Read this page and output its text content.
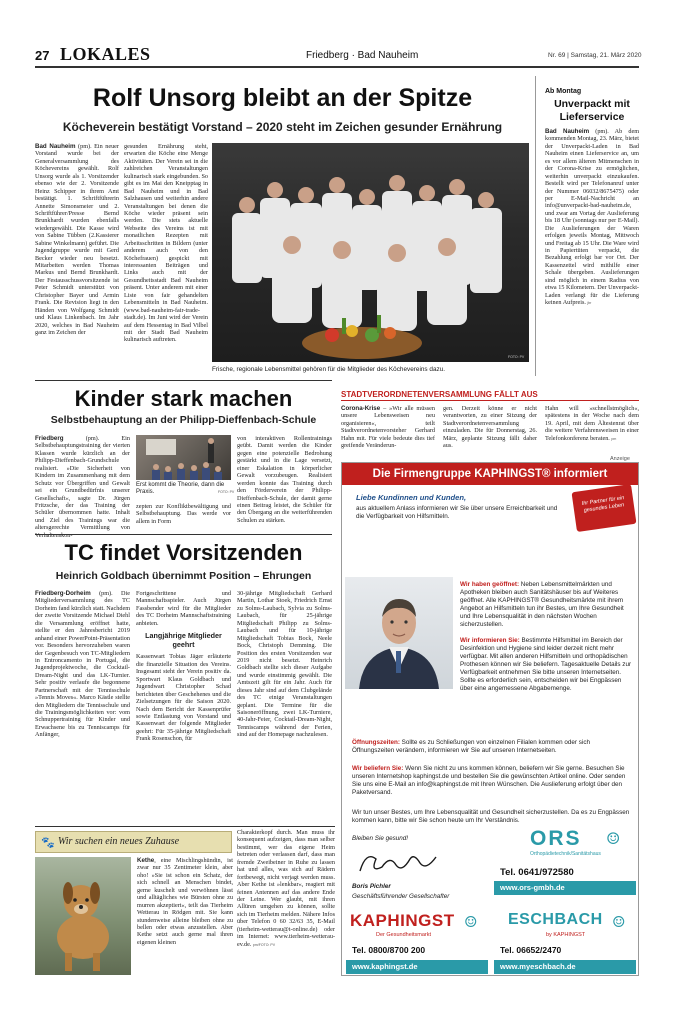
27 LOKALES	Friedberg · Bad Nauheim	Nr. 69 | Samstag, 21. März 2020
Rolf Unsorg bleibt an der Spitze
Köcheverein bestätigt Vorstand – 2020 steht im Zeichen gesunder Ernährung
Bad Nauheim (pm). Ein neuer Vorstand wurde bei der Generalversammlung des Köchevereins gewählt. Rolf Unsorg wurde als 1. Vorsitzender ebenso wie der 2. Vorsitzende Heinz Schipper in ihrem Amt bestätigt. 1. Schriftführerin Annette Simonsmeier und 2. Schriftführer/Presse Bernd Brunkhardt wurden ebenfalls wiedergewählt. Die Kasse wird von Sabine Tübben (2.Kassierer Sabine Winkelmann) geführt. Die Jugendgruppe wurde mit Gerd Becker wieder neu besetzt. Mitarbeiten werden Thomas Markus und Bernd Brunkhardt. Der Festausschussvorsitzende ist Peter Schmidt unterstützt von Christopher Bayer und Armin Frank. Die Revision liegt in den Händen von Wolfgang Schmidt und Klaus Linkenbach. Im Jahr 2020, welches in Bad Nauheim ganz im Zeichen der
gesunden Ernährung steht, erwarten die Köche eine Menge Aktivitäten. Der Verein sei in die zahlreichen Veranstaltungen kulinarisch stark eingebunden. So gibt es im Mai den Kneipptag in Bad Nauheim und in Bad Salzhausen und weiterhin andere Veranstaltungen bei denen die Köche wieder präsent sein werden. Die stets aktuelle Webseite des Vereins ist mit monatlichen Rezepten mit Arbeitsschritten in Bildern (unter anderem auch von den Köchefrauen) gespickt mit interessanten Beiträgen und Links auch mit der Gesundheitsstadt Bad Nauheim präsent. Unter anderem mit einer Liste von fair gehandelten Lebensmitteln in Bad Nauheim.(www.bad-nauheim-fair-trade-stadt.de). Im Juni wird der Verein auf dem Hessentag in Bad Vilbel mit der Stadt Bad Nauheim kulinarisch auftreten.
FOTO: PV
Frische, regionale Lebensmittel gehören für die Mitglieder des Köchevereins dazu.
Ab Montag
Unverpackt mit Lieferservice
Bad Nauheim (pm). Ab dem kommenden Montag, 23. März, bietet der Unverpackt-Laden in Bad Nauheim einen Lieferservice an, um es vor allem älteren Mitmenschen in der Corona-Krise zu ermöglichen, weiterhin unverpackt einzukaufen. Bestellt wird per Telefonanruf unter der Nummer 06032/8675475) oder per E-Mail-Nachricht an info@unverpackt-bad-nauheim.de, und zwar am Vortag der Auslieferung bis 18 Uhr (sonntags nur per E-Mail). Die Auslieferungen der Waren erfolgen jeweils Montag, Mittwoch und Freitag ab 15 Uhr. Die Ware wird in Papiertüten verpackt, die Bezahlung erfolgt bar vor Ort. Der Kassenzettel wird mithilfe einer Schale übergeben. Auslieferungen sind möglich in einem Radius von etwa 15 Kilometern. Der Unverpackt-Laden verlangt für die Lieferung keinen Aufpreis. jbr
Kinder stark machen
Selbstbehauptung an der Philipp-Dieffenbach-Schule
Friedberg	(pm). Ein Selbstbehauptungstraining der vierten Klassen wurde kürzlich an der Philipp-Dieffenbach-Grundschule realisiert. »Die Sicherheit von Kindern im Zusammenhang mit dem Schutz vor Übergriffen und Gewalt sei ein Grundbedürfnis unserer Gesellschaft«, sagte Dr. Jürgen Fritzsche, der das Training der Schüler übernommen hatte. Inhalt und Ziel des Trainings war die altersgerechte Vermittlung von Verhaltenskon-
Erst kommt die Theorie, dann die Praxis.	FOTO: PV
zepten zur Konfliktbewältigung und Selbstbehauptung. Das werde vor allem in Form
von interaktiven Rollentrainings geübt. Damit werden die Kinder gegen eine potenzielle Bedrohung gestärkt und in die Lage versetzt, einer Eskalation in körperlicher Gewalt vorzubeugen. Realisiert werden konnte das Training durch den Förderverein der Philipp-Dieffenbach-Schule, der damit gerne einen Beitrag leistet, die Schüler für den Übergang an die weiterführenden Schulen zu stärken.
STADTVERORDNETENVERSAMMLUNG FÄLLT AUS
Corona-Krise – »Wir alle müssen unsere Lebensweisen neu organisieren«, teilt Stadtverordnetenvorsteher Gerhard Hahn mit. Für viele bedeute dies tief greifende Veränderun-
gen. Derzeit könne er nicht verantworten, zu einer Sitzung der Stadtverordnetenversammlung einzuladen. Die für Donnerstag, 26. März, geplante Sitzung fällt daher aus.
Hahn will »schnellstmöglich«, spätestens in der Woche nach dem 19. April, mit dem Ältestenrat über die weitere Verfahrensweisen in einer Telefonkonferenz beraten. pm
TC findet Vorsitzenden
Heinrich Goldbach übernimmt Position – Ehrungen
Friedberg-Dorheim (pm). Die Mitgliederversammlung des TC Dorheim fand kürzlich statt. Nachdem der zweite Vorsitzende Michael Diehl die Versammlung eröffnet hatte, stellte er den Jahresbericht 2019 anhand einer PowerPoint-Präsentation vor. Besonders hervorzuheben waren der Gegenbesuch von TC-Mitgliedern in Entroncamento in Portugal, die Jugendprojektwoche, die Cocktail-Dream-Night und das LK-Turnier. Sehr positiv verlaufe die begonnene Partnerschaft mit der Tennisschule »Tennis Moves«. Marco Kästle stellte den Mitgliedern die Tennisschule und die Trainingsmöglichkeiten vor: vom Schnuppertraining für Kinder und Erwachsene bis zu Tenniscamps für Anfänger,
Fortgeschrittene und Mannschaftsspieler. Auch Jürgen Fassbender wird für die Mitglieder des TC Dorheim Mannschaftstraining anbieten.
Langjährige Mitglieder geehrt
Kassenwart Tobias Jäger erläuterte die finanzielle Situation des Vereins. Insgesamt steht der Verein positiv da. Sportwart Klaus Goldbach und Jugendwart Christopher Schad berichteten über Geschehenes und die Zielsetzungen für die Saison 2020. Nach dem Bericht der Kassenprüfer sowie Entlastung von Vorstand und Kassenwart der folgende Mitglieder geehrt: Für 35-jährige Mitgliedschaft Frank Rosenschon, für
30-jährige Mitgliedschaft Gerhard Martin, Lothar Stoek, Friedrich Ernst zu Solms-Laubach, Sylvia zu Solms-Laubach, für 25-jährige Mitgliedschaft Philipp zu Solms-Laubach und für 10-jährige Mitgliedschaft Tobias Bock, Neele Bock, Christoph Demming. Die Position des ersten Vorsitzenden war 2019 nicht besetzt. Heinrich Goldbach stellte sich dieser Aufgabe und wurde einstimmig gewählt. Die Amtszeit gilt für ein Jahr. Auch für dieses Jahr sind auf dem Clubgelände des TC einige Veranstaltungen geplant. Die Termine für die Saisoneröffnung, zwei LK-Turniere, 40-Jahr-Feier, Cocktail-Dream-Night, Tenniscamps während der Ferien, sind auf der Homepage nachzulesen.
🐾 Wir suchen ein neues Zuhause
Kethe, eine Mischlingshündin, ist zwar nur 35 Zentimeter klein, aber oho! »Sie ist schon ein Schatz, der sich schnell an Menschen bindet, gerne kuschelt und verwöhnen lässt und alltägliches wie Bürsten ohne zu murren akzeptiert«, teilt das Tierheim Wetterau in Rödgen mit. Sie kann stundenweise alleine bleiben ohne zu bellen oder etwas anzustellen. Aber Kethe setzt auch gerne mal ihren eigenen kleinen
Charakterkopf durch. Man muss ihr konsequent aufzeigen, dass man selber bestimmt, wer das eigene Heim betreten oder verlassen darf, dass man fremde Zweibeiner in Ruhe zu lassen hat und alles, was sich auf Rädern fortbewegt, nicht verjagt werden muss. Aber Kethe ist »lenkbar«, reagiert mit feinen Antennen auf das andere Ende der Leine. Wer glaubt, mit ihren Allüren umgehen zu können, sollte sich im Tierheim melden. Nähere Infos über Telefon 0 60 32/63 35, E-Mail (tierheim-wetterau@t-online.de) oder im Internet: www.tierheim-wetterau-ev.de. pm/FOTO: PV
Anzeige
Die Firmengruppe KAPHINGST® informiert
Liebe Kundinnen und Kunden,
aus aktuellem Anlass informieren wir Sie über unsere Erreichbarkeit und die Verfügbarkeit von Hilfsmitteln.
Ihr Partner für ein gesundes Leben
Wir haben geöffnet: Neben Lebensmittelmärkten und Apotheken bleiben auch Sanitätshäuser bis auf Weiteres geöffnet. Alle KAPHINGST® Gesundheitsmärkte mit ihrem Angebot an Hilfsmitteln tun ihr Bestes, um Ihre Gesundheit und Ihre Lebensqualität in den nächsten Wochen sicherzustellen.
Wir informieren Sie: Bestimmte Hilfsmittel im Bereich der Desinfektion und Hygiene sind leider derzeit nicht mehr verfügbar. Mit allen anderen Hilfsmitteln und orthopädischen Prothesen können wir Sie beliefern. Tagesaktuelle Details zur Verfügbarkeit entnehmen Sie bitte unseren Internetseiten. Sollte es erforderlich sein, entscheiden wir bei Engpässen über eine angemessene Abgabemenge.
Öffnungszeiten: Sollte es zu Schließungen von einzelnen Filialen kommen oder sich Öffnungszeiten verändern, informieren wir Sie auf unseren Internetseiten.
Wir beliefern Sie: Wenn Sie nicht zu uns kommen können, beliefern wir Sie gerne. Besuchen Sie unseren Internetshop kaphingst.de und bestellen Sie die gewünschten Artikel online. Oder senden Sie uns eine E-Mail an info@kaphingst.de mit Ihren Wünschen. Die Auslieferung erfolgt über den Paketversand.
Wir tun unser Bestes, um Ihre Lebensqualität und Gesundheit sicherzustellen. Da es zu Engpässen kommen kann, bitte wir Sie schon heute um Ihr Verständnis.
Bleiben Sie gesund!
Boris Pichler
Geschäftsführender Gesellschafter
ORS ☺
Orthopädietechnik/Sanitätshaus
Tel. 0641/972580
www.ors-gmbh.de
KAPHINGST ☺
Der Gesundheitsmarkt
Tel. 0800/8700 200
www.kaphingst.de
ESCHBACH ☺
by KAPHINGST
Tel. 06652/2470
www.myeschbach.de
